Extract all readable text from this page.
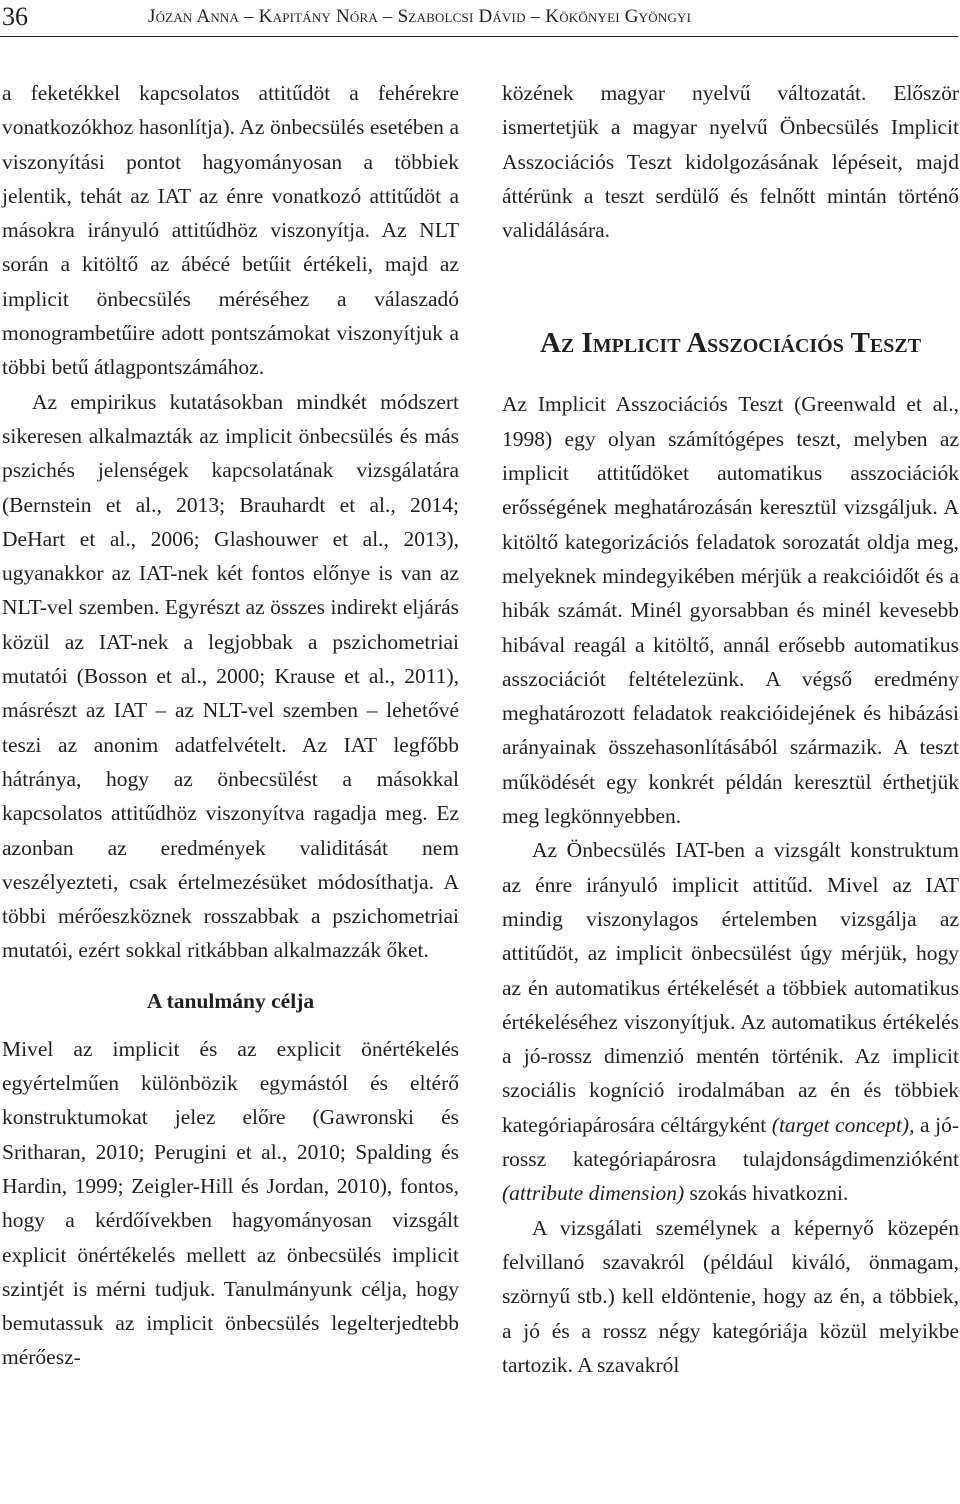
36	Józan Anna – Kapitány Nóra – Szabolcsi Dávid – Kökönyei Gyöngyi

a feketékkel kapcsolatos attitűdöt a fehérekre vonatkozókhoz hasonlítja). Az önbecsülés esetében a viszonyítási pontot hagyományosan a többiek jelentik, tehát az IAT az énre vonatkozó attitűdöt a másokra irányuló attitűdhöz viszonyítja. Az NLT során a kitöltő az ábécé betűit értékeli, majd az implicit önbecsülés méréséhez a válaszadó monogrambetűire adott pontszámokat viszonyítjuk a többi betű átlagpontszámához.

Az empirikus kutatásokban mindkét módszert sikeresen alkalmazták az implicit önbecsülés és más pszichés jelenségek kapcsolatának vizsgálatára (Bernstein et al., 2013; Brauhardt et al., 2014; DeHart et al., 2006; Glashouwer et al., 2013), ugyanakkor az IAT-nek két fontos előnye is van az NLT-vel szemben. Egyrészt az összes indirekt eljárás közül az IAT-nek a legjobbak a pszichometriai mutatói (Bosson et al., 2000; Krause et al., 2011), másrészt az IAT – az NLT-vel szemben – lehetővé teszi az anonim adatfelvételt. Az IAT legfőbb hátránya, hogy az önbecsülést a másokkal kapcsolatos attitűdhöz viszonyítva ragadja meg. Ez azonban az eredmények validitását nem veszélyezteti, csak értelmezésüket módosíthatja. A többi mérőeszköznek rosszabbak a pszichometriai mutatói, ezért sokkal ritkábban alkalmazzák őket.

A tanulmány célja

Mivel az implicit és az explicit önértékelés egyértelműen különbözik egymástól és eltérő konstruktumokat jelez előre (Gawronski és Sritharan, 2010; Perugini et al., 2010; Spalding és Hardin, 1999; Zeigler-Hill és Jordan, 2010), fontos, hogy a kérdőívekben hagyományosan vizsgált explicit önértékelés mellett az önbecsülés implicit szintjét is mérni tudjuk. Tanulmányunk célja, hogy bemutassuk az implicit önbecsülés legelterjedtebb mérőesz-

közének magyar nyelvű változatát. Először ismertetjük a magyar nyelvű Önbecsülés Implicit Asszociációs Teszt kidolgozásának lépéseit, majd áttérünk a teszt serdülő és felnőtt mintán történő validálására.

Az Implicit Asszociációs Teszt

Az Implicit Asszociációs Teszt (Greenwald et al., 1998) egy olyan számítógépes teszt, melyben az implicit attitűdöket automatikus asszociációk erősségének meghatározásán keresztül vizsgáljuk. A kitöltő kategorizációs feladatok sorozatát oldja meg, melyeknek mindegyikében mérjük a reakcióidőt és a hibák számát. Minél gyorsabban és minél kevesebb hibával reagál a kitöltő, annál erősebb automatikus asszociációt feltételezünk. A végső eredmény meghatározott feladatok reakcióidejének és hibázási arányainak összehasonlításából származik. A teszt működését egy konkrét példán keresztül érthetjük meg legkönnyebben.

Az Önbecsülés IAT-ben a vizsgált konstruktum az énre irányuló implicit attitűd. Mivel az IAT mindig viszonylagos értelemben vizsgálja az attitűdöt, az implicit önbecsülést úgy mérjük, hogy az én automatikus értékelését a többiek automatikus értékeléséhez viszonyítjuk. Az automatikus értékelés a jó-rossz dimenzió mentén történik. Az implicit szociális kogníció irodalmában az én és többiek kategóriapárosára céltárgyként (target concept), a jó-rossz kategóriapárosra tulajdonságdimenzióként (attribute dimension) szokás hivatkozni.

A vizsgálati személynek a képernyő közepén felvillanó szavakról (például kiváló, önmagam, szörnyű stb.) kell eldöntenie, hogy az én, a többiek, a jó és a rossz négy kategóriája közül melyikbe tartozik. A szavakról
